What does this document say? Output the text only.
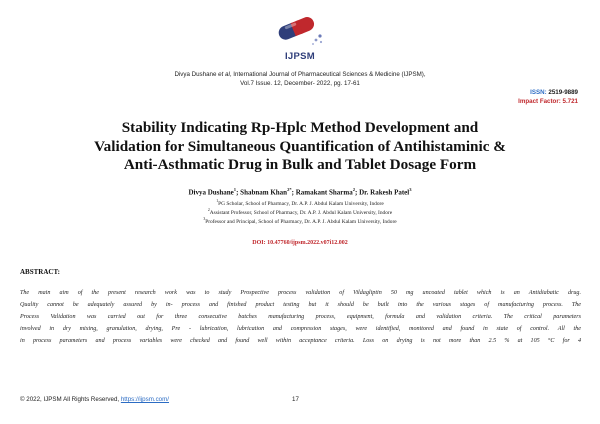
IJPSM
Divya Dushane et al, International Journal of Pharmaceutical Sciences & Medicine (IJPSM),
Vol.7 Issue. 12, December- 2022, pg. 17-61
ISSN: 2519-9889
Impact Factor: 5.721
Stability Indicating Rp-Hplc Method Development and
Validation for Simultaneous Quantification of Antihistaminic &
Anti-Asthmatic Drug in Bulk and Tablet Dosage Form
Divya Dushane$^1$; Shabnam Khan$^{2*}$; Ramakant Sharma$^2$; Dr. Rakesh Patel$^3$
$^1$PG Scholar, School of Pharmacy, Dr. A.P. J. Abdul Kalam University, Indore
$^2$Assistant Professor, School of Pharmacy, Dr. A.P. J. Abdul Kalam University, Indore
$^3$Professor and Principal, School of Pharmacy, Dr. A.P. J. Abdul Kalam University, Indore
DOI: 10.47760/ijpsm.2022.v07i12.002
ABSTRACT:
The main aim of the present research work was to study Prospective process validation of Vildagliptin 50 mg uncoated tablet which is an Antidiabatic drug.
Quality cannot be adequately assured by in- process and finished product testing but it should be built into the various stages of manufacturing process. The
Process Validation was carried out for three consecutive batches manufacturing process, equipment, formula and validation criteria. The critical parameters
involved in dry mixing, granulation, drying, Pre - lubrication, lubrication and compression stages, were identified, monitored and found in state of control. All the
in process parameters and process variables were checked and found well within acceptance criteria. Loss on drying is not more than 2.5 % at 105 °C for 4
© 2022, IJPSM All Rights Reserved, https://ijpsm.com/	17
